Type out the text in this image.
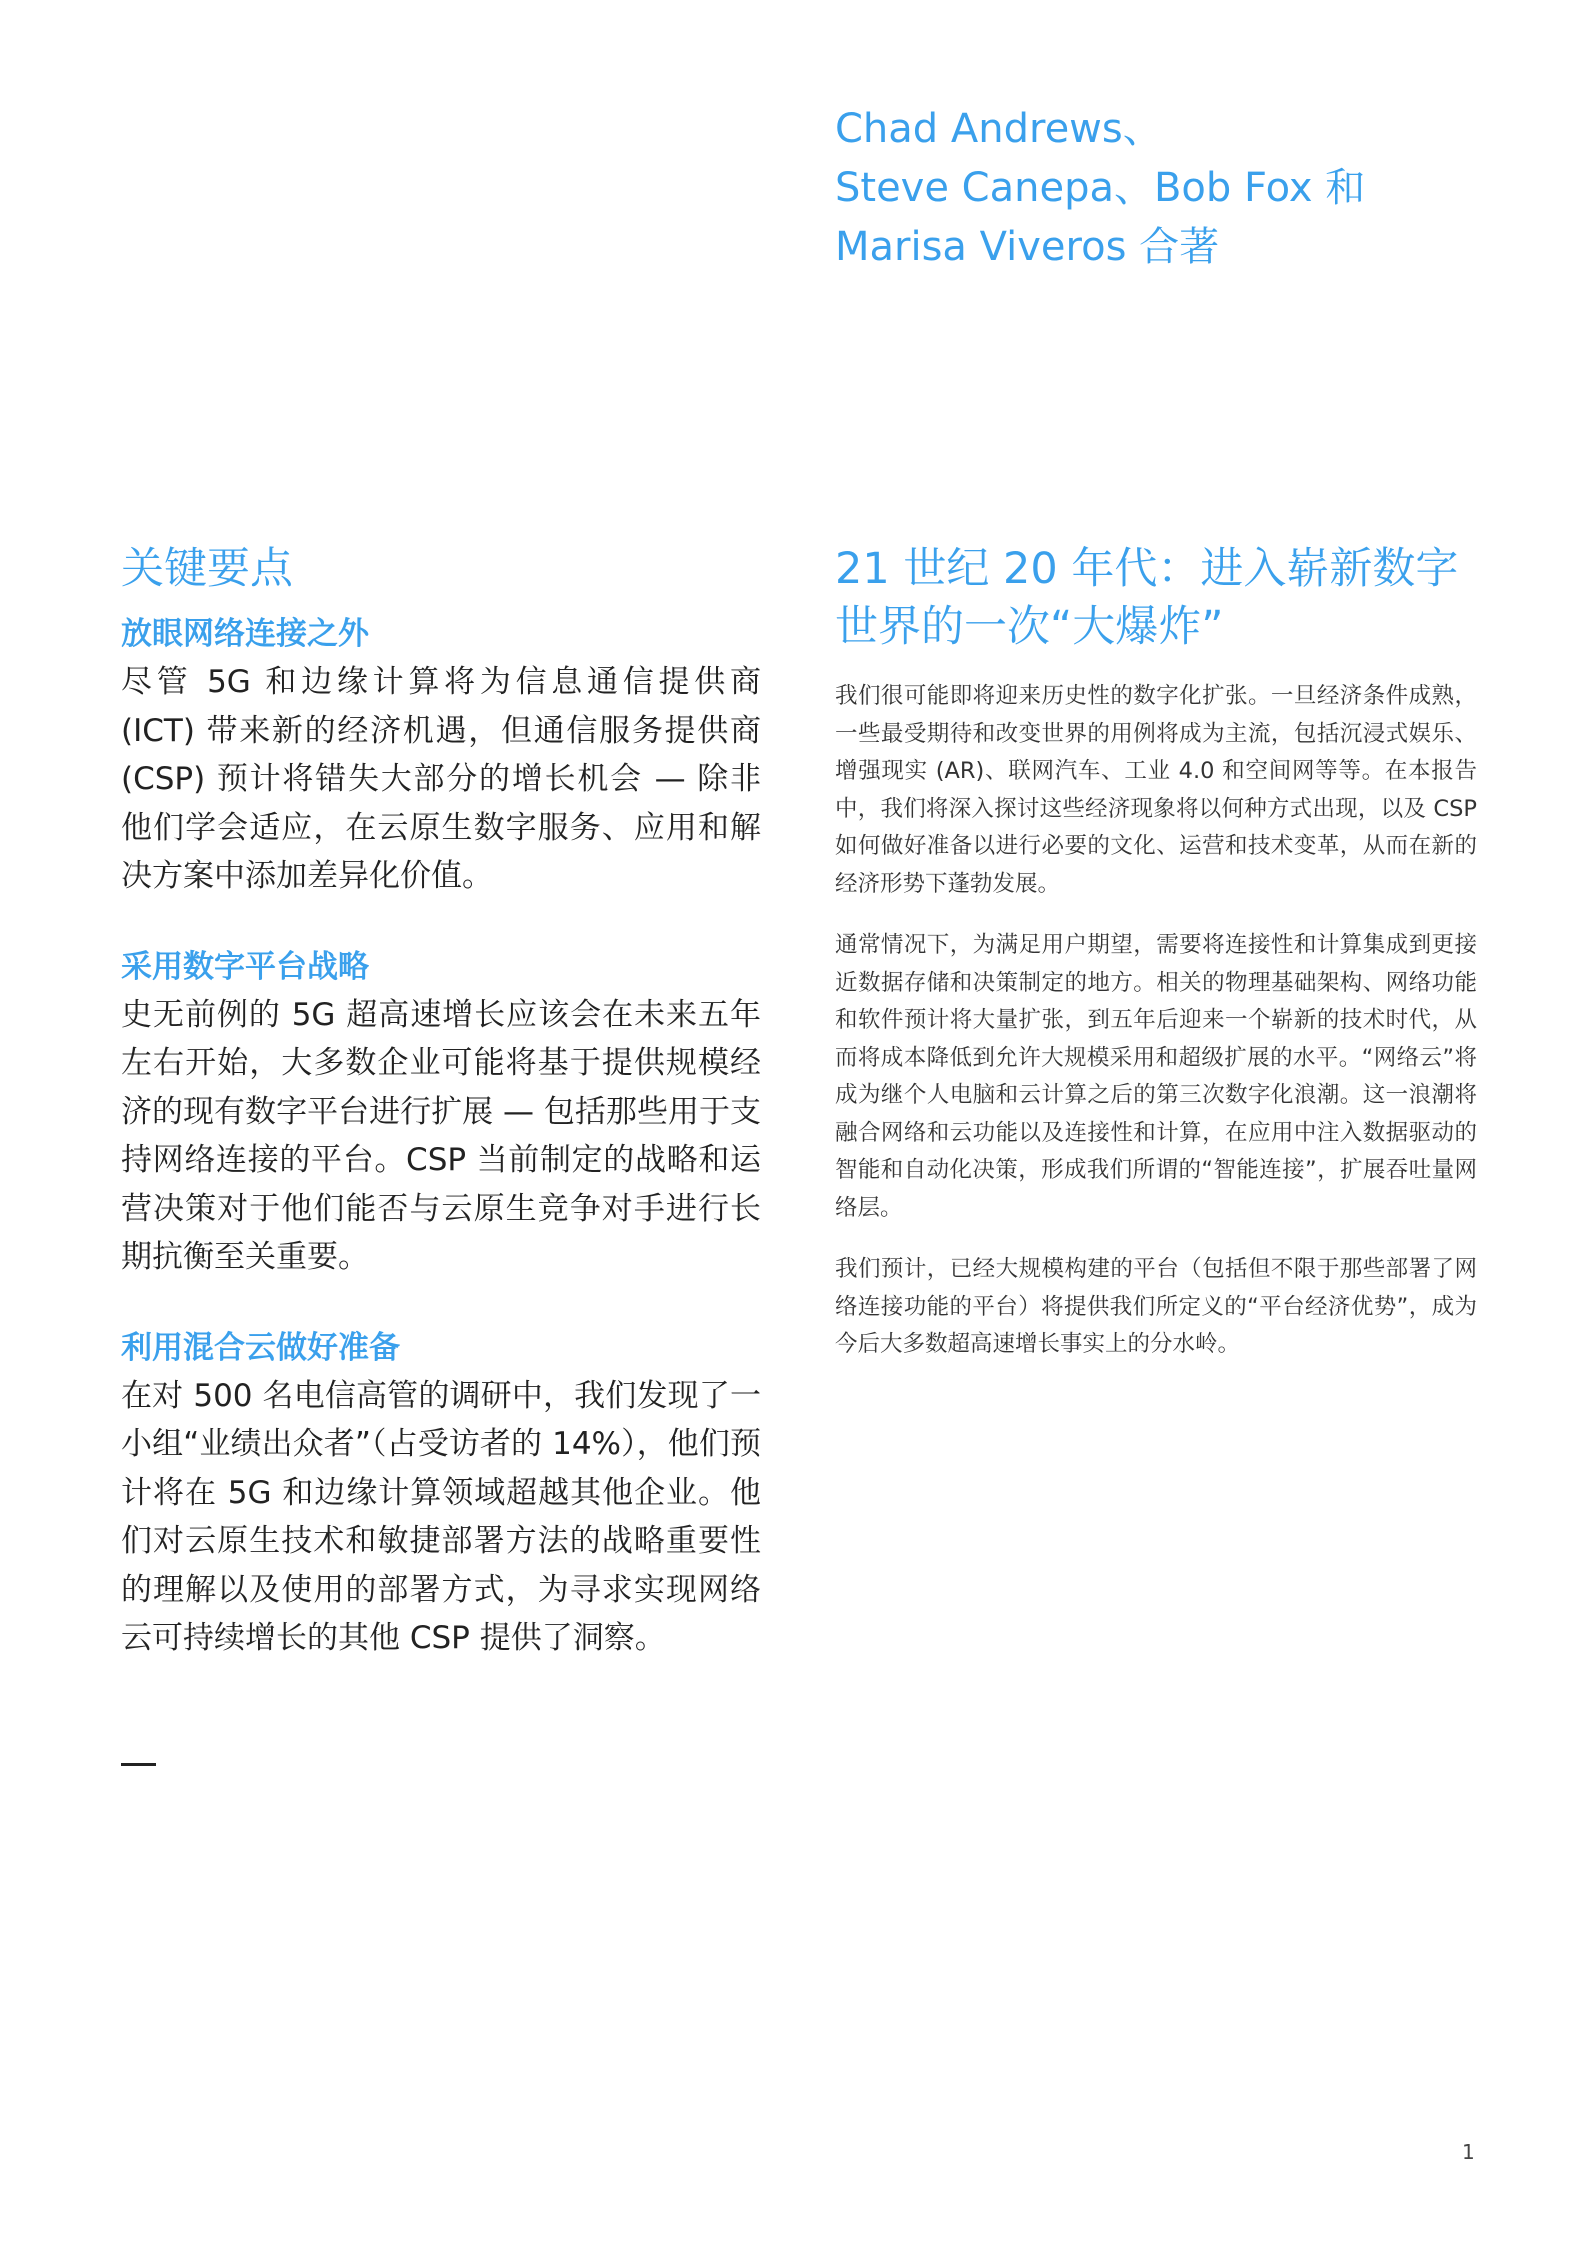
Chad Andrews、
Steve Canepa、Bob Fox 和
Marisa Viveros 合著
关键要点
放眼网络连接之外

尽管 5G 和边缘计算将为信息通信提供商 (ICT) 带来新的经济机遇，但通信服务提供商 (CSP) 预计将错失大部分的增长机会 — 除非他们学会适应，在云原生数字服务、应用和解决方案中添加差异化价值。

采用数字平台战略

史无前例的 5G 超高速增长应该会在未来五年左右开始，大多数企业可能将基于提供规模经济的现有数字平台进行扩展 — 包括那些用于支持网络连接的平台。CSP 当前制定的战略和运营决策对于他们能否与云原生竞争对手进行长期抗衡至关重要。

利用混合云做好准备

在对 500 名电信高管的调研中，我们发现了一小组“业绩出众者”（占受访者的 14%），他们预计将在 5G 和边缘计算领域超越其他企业。他们对云原生技术和敏捷部署方法的战略重要性的理解以及使用的部署方式，为寻求实现网络云可持续增长的其他 CSP 提供了洞察。

21 世纪 20 年代：进入崭新数字世界的一次“大爆炸”

我们很可能即将迎来历史性的数字化扩张。一旦经济条件成熟，一些最受期待和改变世界的用例将成为主流，包括沉浸式娱乐、增强现实 (AR)、联网汽车、工业 4.0 和空间网等等。在本报告中，我们将深入探讨这些经济现象将以何种方式出现，以及 CSP 如何做好准备以进行必要的文化、运营和技术变革，从而在新的经济形势下蓬勃发展。

通常情况下，为满足用户期望，需要将连接性和计算集成到更接近数据存储和决策制定的地方。相关的物理基础架构、网络功能和软件预计将大量扩张，到五年后迎来一个崭新的技术时代，从而将成本降低到允许大规模采用和超级扩展的水平。“网络云”将成为继个人电脑和云计算之后的第三次数字化浪潮。这一浪潮将融合网络和云功能以及连接性和计算，在应用中注入数据驱动的智能和自动化决策，形成我们所谓的“智能连接”，扩展吞吐量网络层。

我们预计，已经大规模构建的平台（包括但不限于那些部署了网络连接功能的平台）将提供我们所定义的“平台经济优势”，成为今后大多数超高速增长事实上的分水岭。

1
